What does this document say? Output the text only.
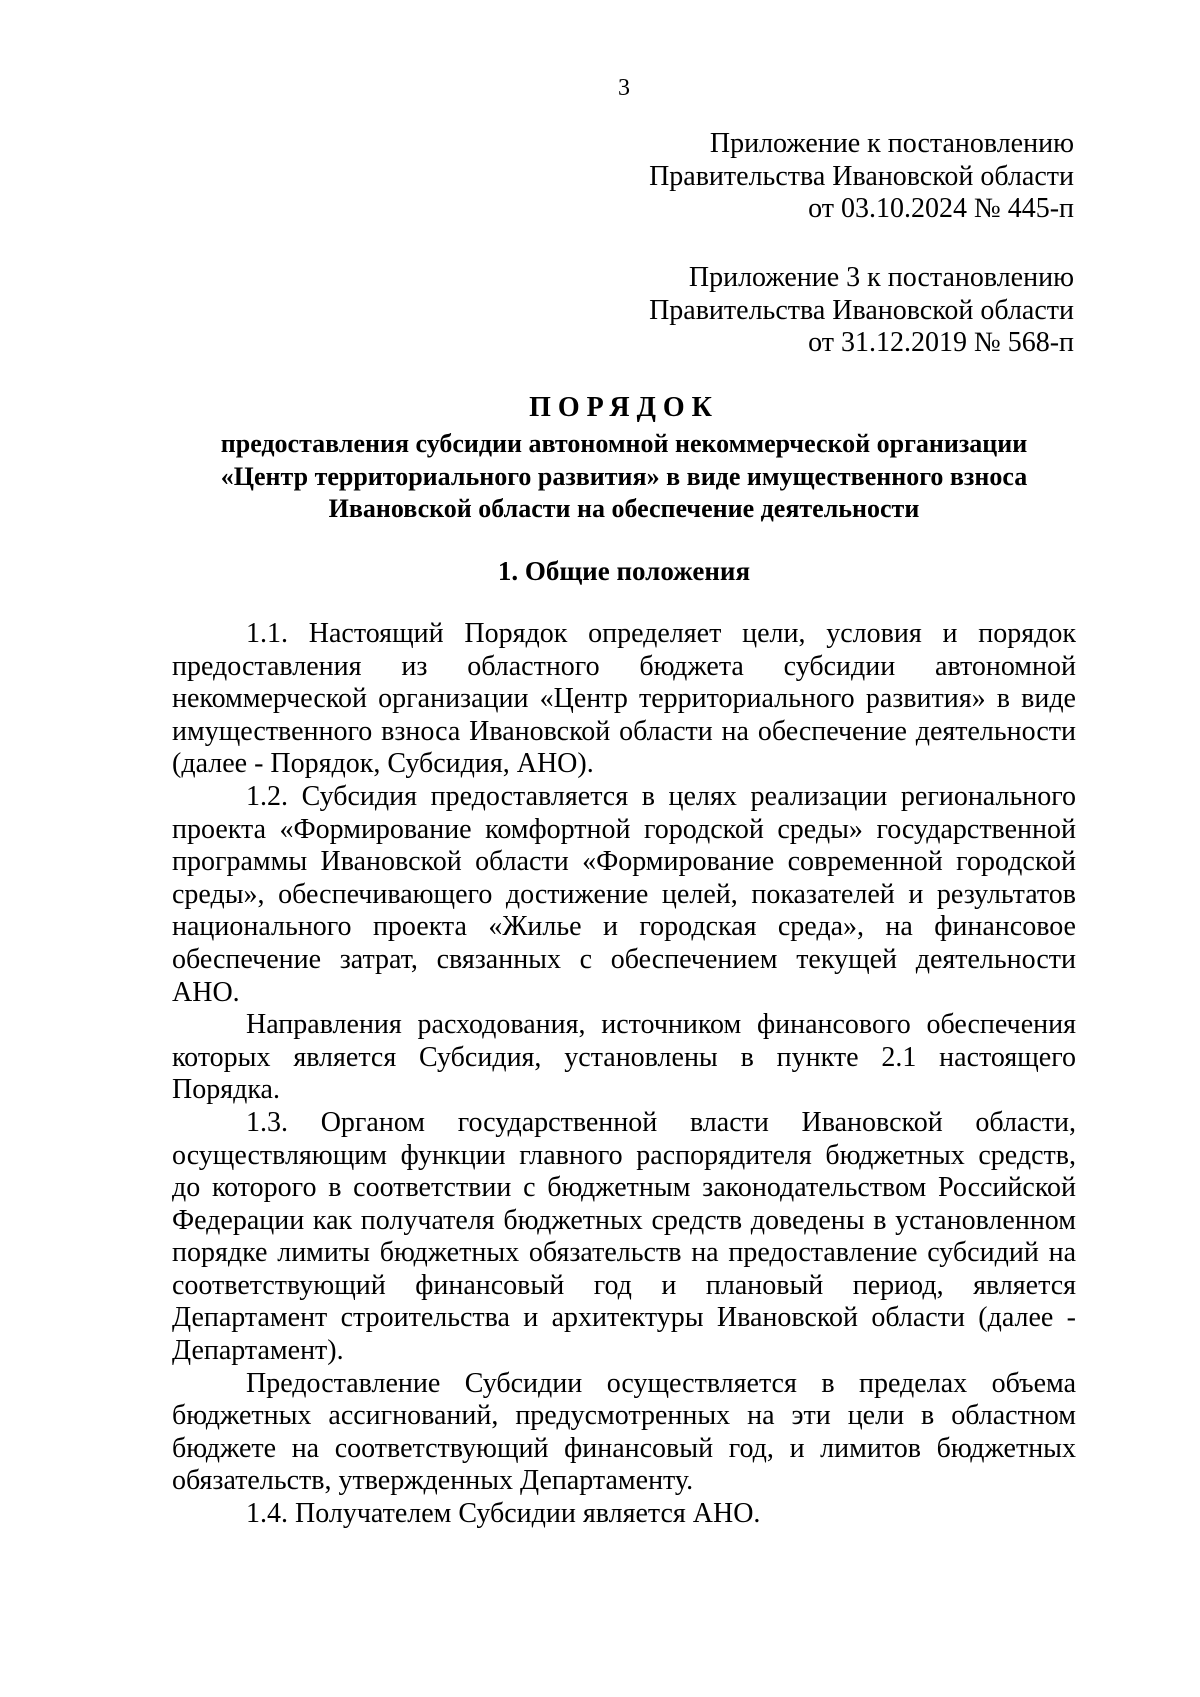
3
Приложение к постановлению
Правительства Ивановской области
от 03.10.2024 № 445-п
Приложение 3 к постановлению
Правительства Ивановской области
от 31.12.2019 № 568-п
ПОРЯДОК
предоставления субсидии автономной некоммерческой организации
«Центр территориального развития» в виде имущественного взноса
Ивановской области на обеспечение деятельности
1. Общие положения

1.1. Настоящий Порядок определяет цели, условия и порядок предоставления из областного бюджета субсидии автономной некоммерческой организации «Центр территориального развития» в виде имущественного взноса Ивановской области на обеспечение деятельности (далее - Порядок, Субсидия, АНО).

1.2. Субсидия предоставляется в целях реализации регионального проекта «Формирование комфортной городской среды» государственной программы Ивановской области «Формирование современной городской среды», обеспечивающего достижение целей, показателей и результатов национального проекта «Жилье и городская среда», на финансовое обеспечение затрат, связанных с обеспечением текущей деятельности АНО.

Направления расходования, источником финансового обеспечения которых является Субсидия, установлены в пункте 2.1 настоящего Порядка.

1.3. Органом государственной власти Ивановской области, осуществляющим функции главного распорядителя бюджетных средств, до которого в соответствии с бюджетным законодательством Российской Федерации как получателя бюджетных средств доведены в установленном порядке лимиты бюджетных обязательств на предоставление субсидий на соответствующий финансовый год и плановый период, является Департамент строительства и архитектуры Ивановской области (далее - Департамент).

Предоставление Субсидии осуществляется в пределах объема бюджетных ассигнований, предусмотренных на эти цели в областном бюджете на соответствующий финансовый год, и лимитов бюджетных обязательств, утвержденных Департаменту.

1.4. Получателем Субсидии является АНО.
